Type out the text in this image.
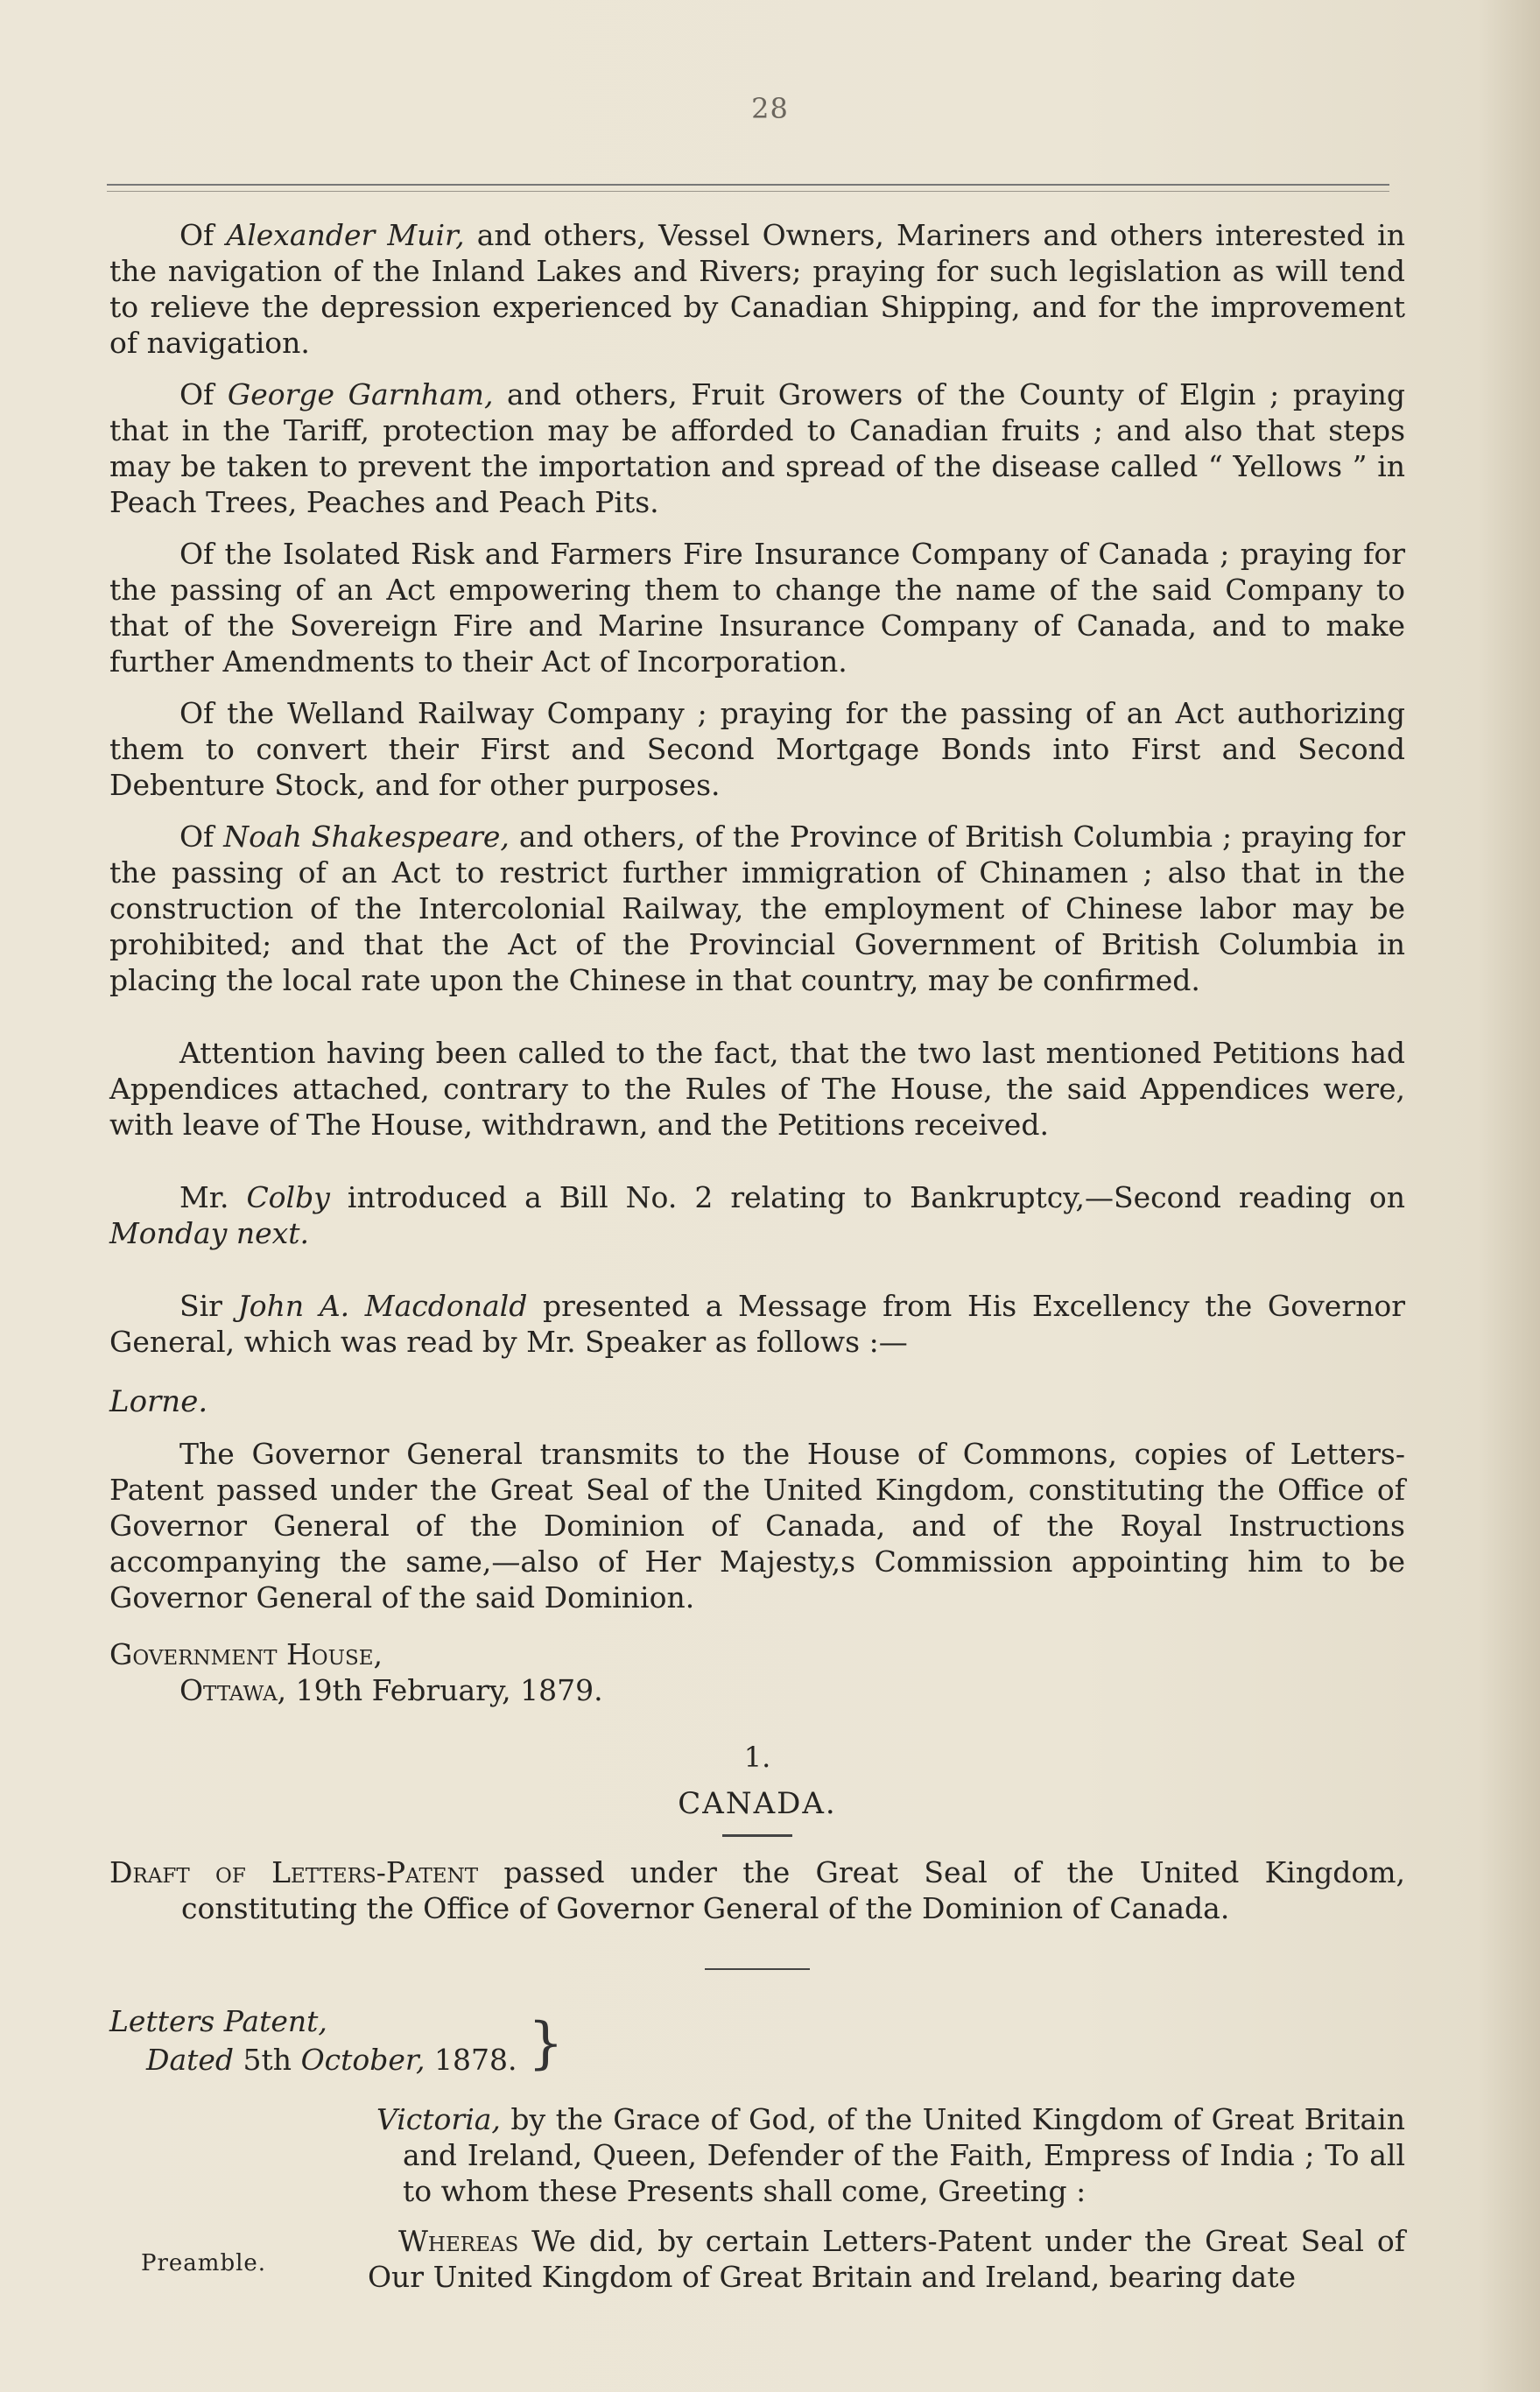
28

Of Alexander Muir, and others, Vessel Owners, Mariners and others interested in the navigation of the Inland Lakes and Rivers; praying for such legislation as will tend to relieve the depression experienced by Canadian Shipping, and for the improvement of navigation.

Of George Garnham, and others, Fruit Growers of the County of Elgin ; praying that in the Tariff, protection may be afforded to Canadian fruits ; and also that steps may be taken to prevent the importation and spread of the disease called “ Yellows ” in Peach Trees, Peaches and Peach Pits.

Of the Isolated Risk and Farmers Fire Insurance Company of Canada ; praying for the passing of an Act empowering them to change the name of the said Company to that of the Sovereign Fire and Marine Insurance Company of Canada, and to make further Amendments to their Act of Incorporation.

Of the Welland Railway Company ; praying for the passing of an Act authorizing them to convert their First and Second Mortgage Bonds into First and Second Debenture Stock, and for other purposes.

Of Noah Shakespeare, and others, of the Province of British Columbia ; praying for the passing of an Act to restrict further immigration of Chinamen ; also that in the construction of the Intercolonial Railway, the employment of Chinese labor may be prohibited; and that the Act of the Provincial Government of British Columbia in placing the local rate upon the Chinese in that country, may be confirmed.

Attention having been called to the fact, that the two last mentioned Petitions had Appendices attached, contrary to the Rules of The House, the said Appendices were, with leave of The House, withdrawn, and the Petitions received.

Mr. Colby introduced a Bill No. 2 relating to Bankruptcy,—Second reading on Monday next.

Sir John A. Macdonald presented a Message from His Excellency the Governor General, which was read by Mr. Speaker as follows :—

Lorne.

The Governor General transmits to the House of Commons, copies of Letters-Patent passed under the Great Seal of the United Kingdom, constituting the Office of Governor General of the Dominion of Canada, and of the Royal Instructions accompanying the same,—also of Her Majesty,s Commission appointing him to be Governor General of the said Dominion.

Government House,
Ottawa, 19th February, 1879.
1.
CANADA.

Draft of Letters-Patent passed under the Great Seal of the United Kingdom, constituting the Office of Governor General of the Dominion of Canada.

Letters Patent,
Dated 5th October, 1878. }

Victoria, by the Grace of God, of the United Kingdom of Great Britain and Ireland, Queen, Defender of the Faith, Empress of India ; To all to whom these Presents shall come, Greeting :

Preamble.

Whereas We did, by certain Letters-Patent under the Great Seal of Our United Kingdom of Great Britain and Ireland, bearing date
